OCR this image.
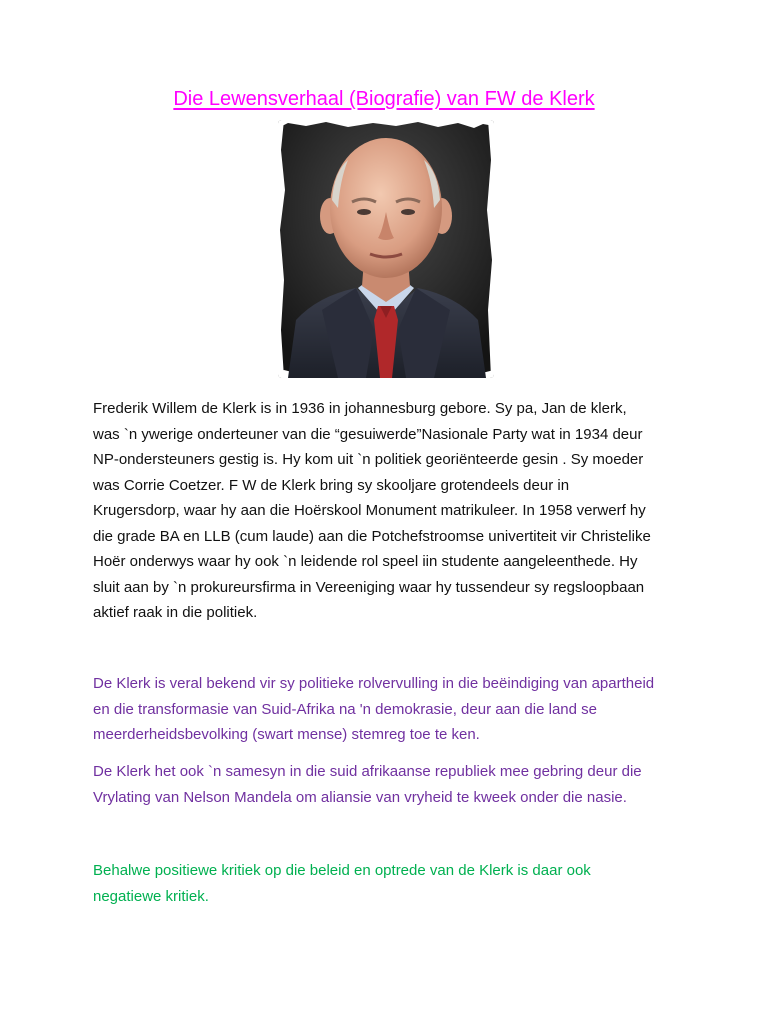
Die Lewensverhaal (Biografie) van FW de Klerk

Frederik Willem de Klerk is in 1936 in johannesburg gebore. Sy pa, Jan de klerk,
was `n ywerige onderteuner van die “gesuiwerde”Nasionale Party wat in 1934 deur
NP-ondersteuners gestig is. Hy kom uit `n politiek georiënteerde gesin . Sy moeder
was Corrie Coetzer. F W de Klerk bring sy skooljare grotendeels deur in
Krugersdorp, waar hy aan die Hoërskool Monument matrikuleer. In 1958 verwerf hy
die grade BA en LLB (cum laude) aan die Potchefstroomse univertiteit vir Christelike
Hoër onderwys waar hy ook `n leidende rol speel iin studente aangeleenthede. Hy
sluit aan by `n prokureursfirma in Vereeniging waar hy tussendeur sy regsloopbaan
aktief raak in die politiek.

De Klerk is veral bekend vir sy politieke rolvervulling in die beëindiging van apartheid
en die transformasie van Suid-Afrika na 'n demokrasie, deur aan die land se
meerderheidsbevolking (swart mense) stemreg toe te ken.

De Klerk het ook `n samesyn in die suid afrikaanse republiek mee gebring deur die
Vrylating van Nelson Mandela om aliansie van vryheid te kweek onder die nasie.

Behalwe positiewe kritiek op die beleid en optrede van de Klerk is daar ook
negatiewe kritiek.
